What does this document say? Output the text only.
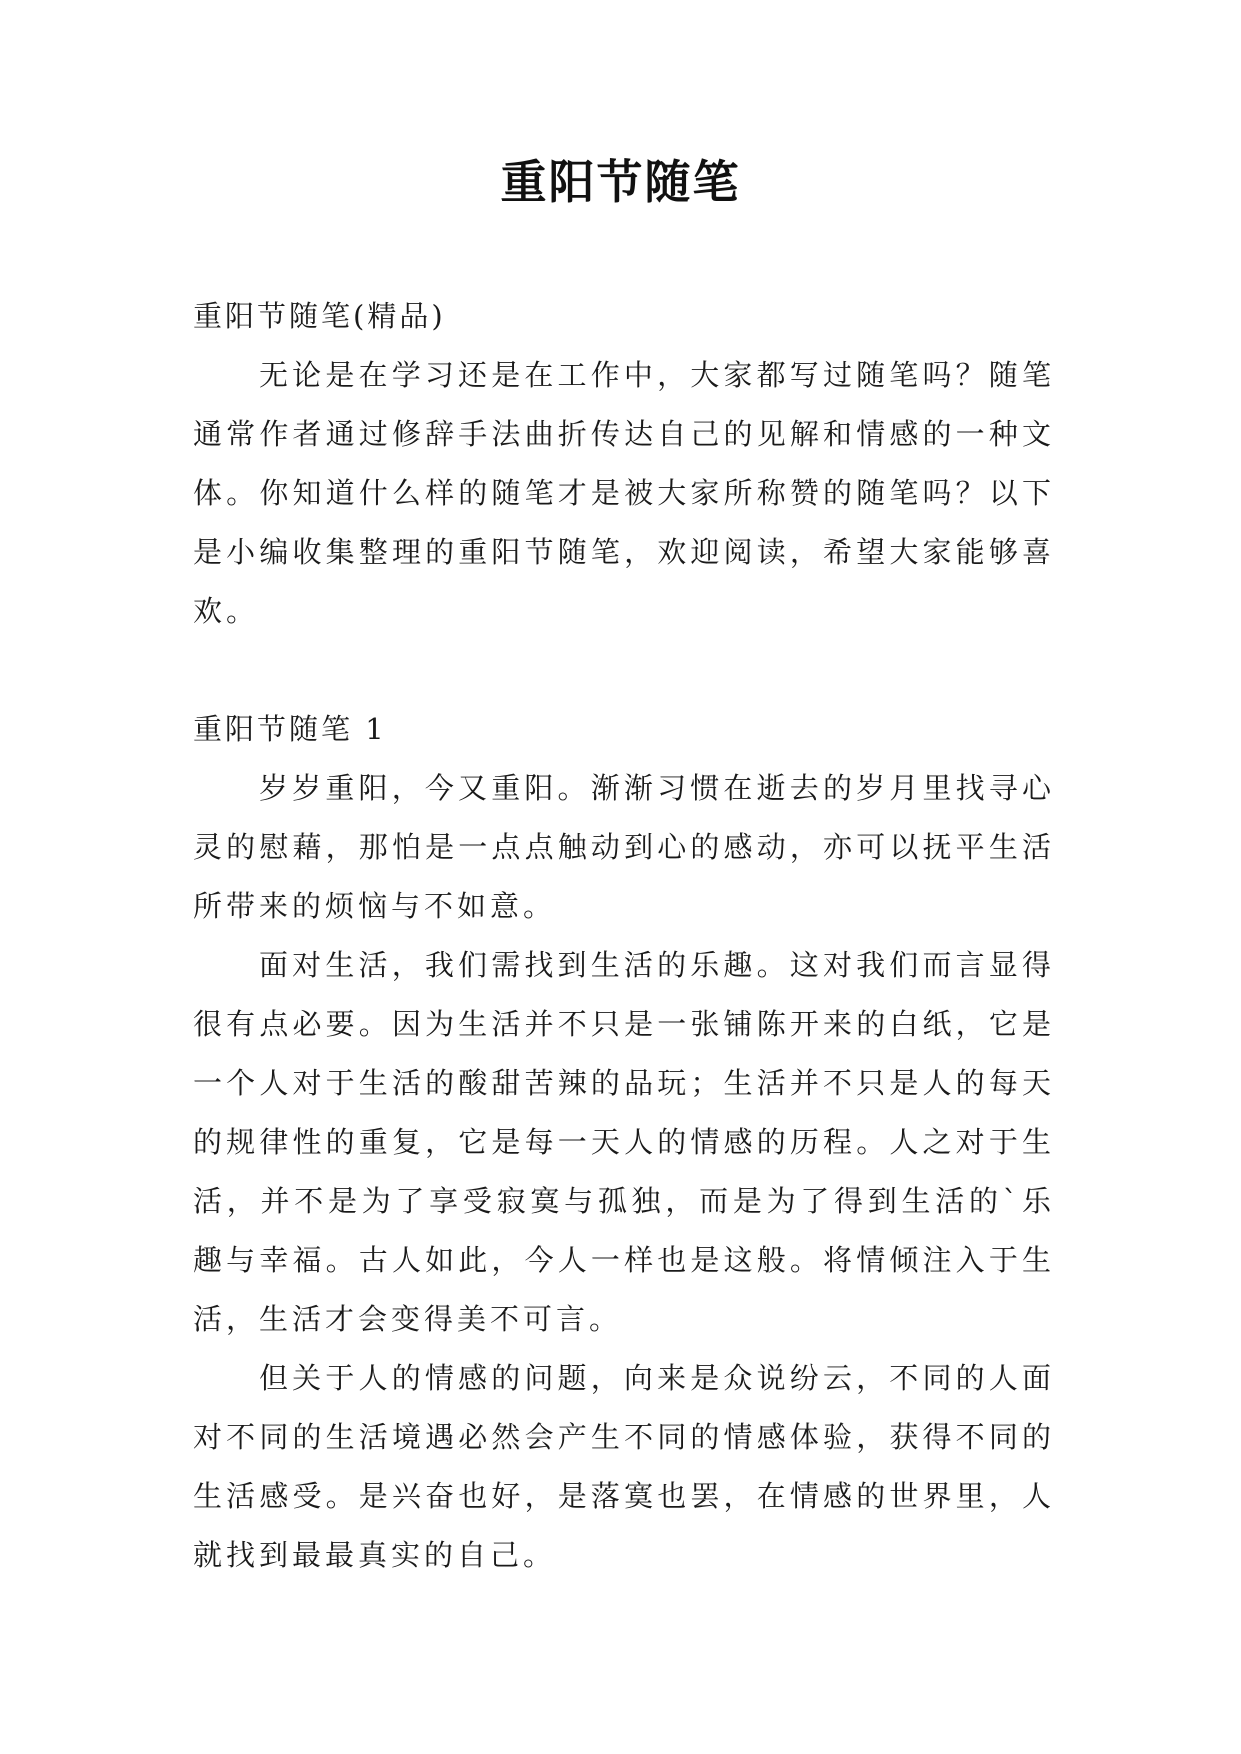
重阳节随笔

重阳节随笔(精品)

无论是在学习还是在工作中，大家都写过随笔吗？随笔通常作者通过修辞手法曲折传达自己的见解和情感的一种文体。你知道什么样的随笔才是被大家所称赞的随笔吗？以下是小编收集整理的重阳节随笔，欢迎阅读，希望大家能够喜欢。

重阳节随笔 1

岁岁重阳，今又重阳。渐渐习惯在逝去的岁月里找寻心灵的慰藉，那怕是一点点触动到心的感动，亦可以抚平生活所带来的烦恼与不如意。

面对生活，我们需找到生活的乐趣。这对我们而言显得很有点必要。因为生活并不只是一张铺陈开来的白纸，它是一个人对于生活的酸甜苦辣的品玩；生活并不只是人的每天的规律性的重复，它是每一天人的情感的历程。人之对于生活，并不是为了享受寂寞与孤独，而是为了得到生活的`乐趣与幸福。古人如此，今人一样也是这般。将情倾注入于生活，生活才会变得美不可言。

但关于人的情感的问题，向来是众说纷云，不同的人面对不同的生活境遇必然会产生不同的情感体验，获得不同的生活感受。是兴奋也好，是落寞也罢，在情感的世界里，人就找到最最真实的自己。
